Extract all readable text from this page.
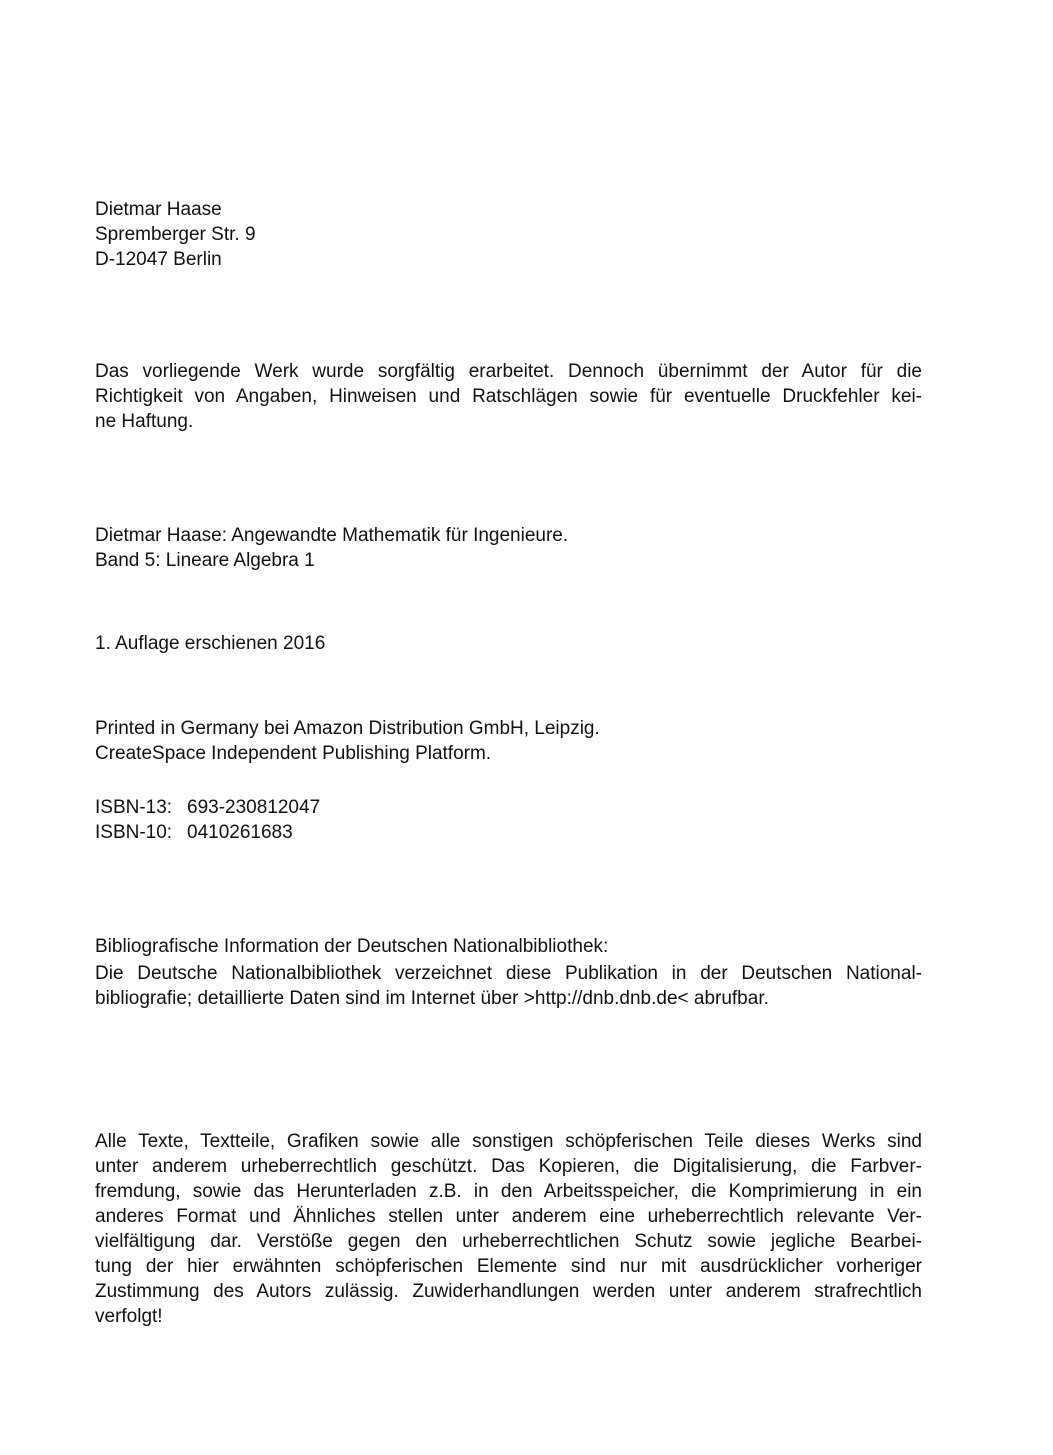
Dietmar Haase
Spremberger Str. 9
D-12047 Berlin
Das vorliegende Werk wurde sorgfältig erarbeitet. Dennoch übernimmt der Autor für die
Richtigkeit von Angaben, Hinweisen und Ratschlägen sowie für eventuelle Druckfehler kei-
ne Haftung.
Dietmar Haase: Angewandte Mathematik für Ingenieure.
Band 5: Lineare Algebra 1
1. Auflage erschienen 2016
Printed in Germany bei Amazon Distribution GmbH, Leipzig.
CreateSpace Independent Publishing Platform.
ISBN-13: 693-230812047
ISBN-10: 0410261683
Bibliografische Information der Deutschen Nationalbibliothek:
Die Deutsche Nationalbibliothek verzeichnet diese Publikation in der Deutschen National-
bibliografie; detaillierte Daten sind im Internet über >http://dnb.dnb.de< abrufbar.
Alle Texte, Textteile, Grafiken sowie alle sonstigen schöpferischen Teile dieses Werks sind
unter anderem urheberrechtlich geschützt. Das Kopieren, die Digitalisierung, die Farbver-
fremdung, sowie das Herunterladen z.B. in den Arbeitsspeicher, die Komprimierung in ein
anderes Format und Ähnliches stellen unter anderem eine urheberrechtlich relevante Ver-
vielfältigung dar. Verstöße gegen den urheberrechtlichen Schutz sowie jegliche Bearbei-
tung der hier erwähnten schöpferischen Elemente sind nur mit ausdrücklicher vorheriger
Zustimmung des Autors zulässig. Zuwiderhandlungen werden unter anderem strafrechtlich
verfolgt!
